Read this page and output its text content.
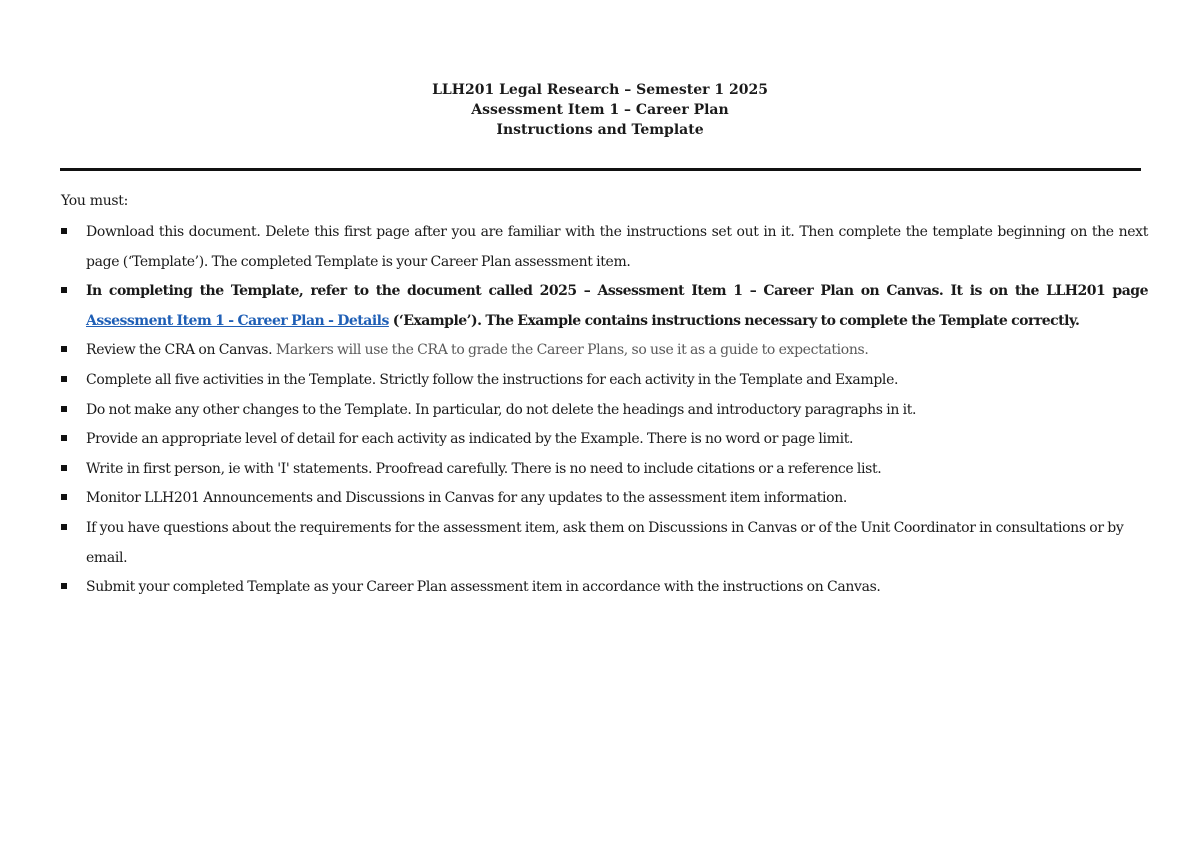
LLH201 Legal Research – Semester 1 2025
Assessment Item 1 – Career Plan
Instructions and Template
You must:
Download this document. Delete this first page after you are familiar with the instructions set out in it. Then complete the template beginning on the next page (‘Template’). The completed Template is your Career Plan assessment item.
In completing the Template, refer to the document called 2025 – Assessment Item 1 – Career Plan on Canvas. It is on the LLH201 page Assessment Item 1 - Career Plan - Details (‘Example’). The Example contains instructions necessary to complete the Template correctly.
Review the CRA on Canvas. Markers will use the CRA to grade the Career Plans, so use it as a guide to expectations.
Complete all five activities in the Template. Strictly follow the instructions for each activity in the Template and Example.
Do not make any other changes to the Template. In particular, do not delete the headings and introductory paragraphs in it.
Provide an appropriate level of detail for each activity as indicated by the Example. There is no word or page limit.
Write in first person, ie with 'I' statements. Proofread carefully. There is no need to include citations or a reference list.
Monitor LLH201 Announcements and Discussions in Canvas for any updates to the assessment item information.
If you have questions about the requirements for the assessment item, ask them on Discussions in Canvas or of the Unit Coordinator in consultations or by email.
Submit your completed Template as your Career Plan assessment item in accordance with the instructions on Canvas.
